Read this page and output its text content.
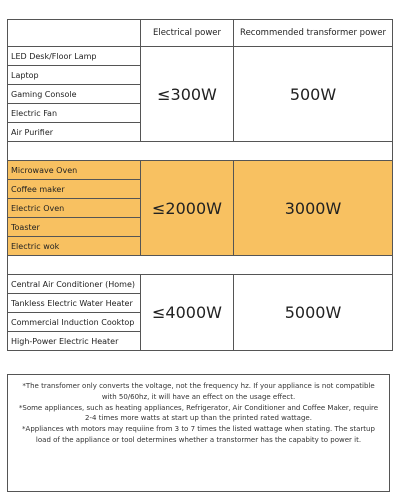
	Electrical power	Recommended transformer power
LED Desk/Floor Lamp	≤300W	500W
Laptop		
Gaming Console		
Electric Fan		
Air Purifier		

Microwave Oven	≤2000W	3000W
Coffee maker		
Electric Oven		
Toaster		
Electric wok		

Central Air Conditioner (Home)	≤4000W	5000W
Tankless Electric Water Heater		
Commercial Induction Cooktop		
High-Power Electric Heater		

*The transfomer only converts the voltage, not the frequency hz. If your appliance is not compatible with 50/60hz, it will have an effect on the usage effect.

*Some appliances, such as heating appliances, Refrigerator, Air Conditioner and Coffee Maker, require 2-4 times more watts at start up than the printed rated wattage.

*Appliances wth motors may requiine from 3 to 7 times the listed wattage when stating. The startup load of the appliance or tool determines whether a transtormer has the capabity to power it.
